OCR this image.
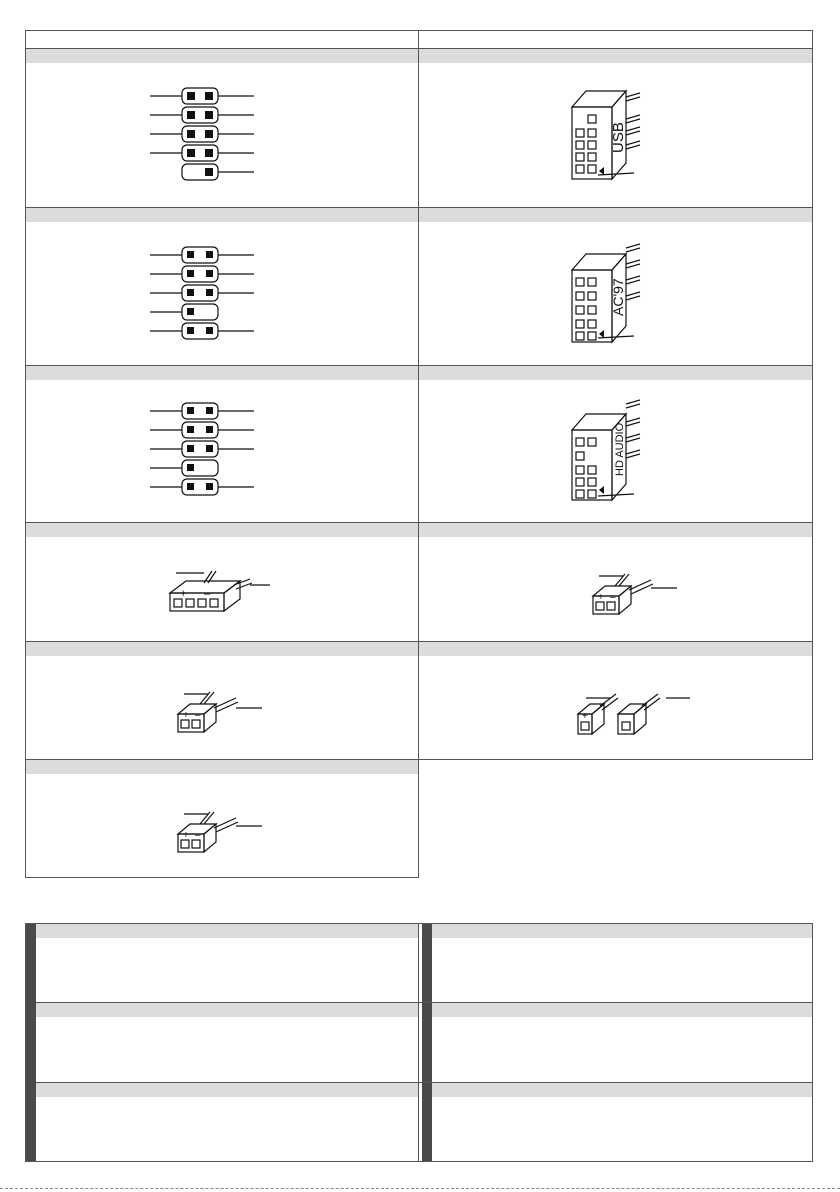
USB
AC'97
HD AUDIO
+ –	+ –
+ –	+
+ –
